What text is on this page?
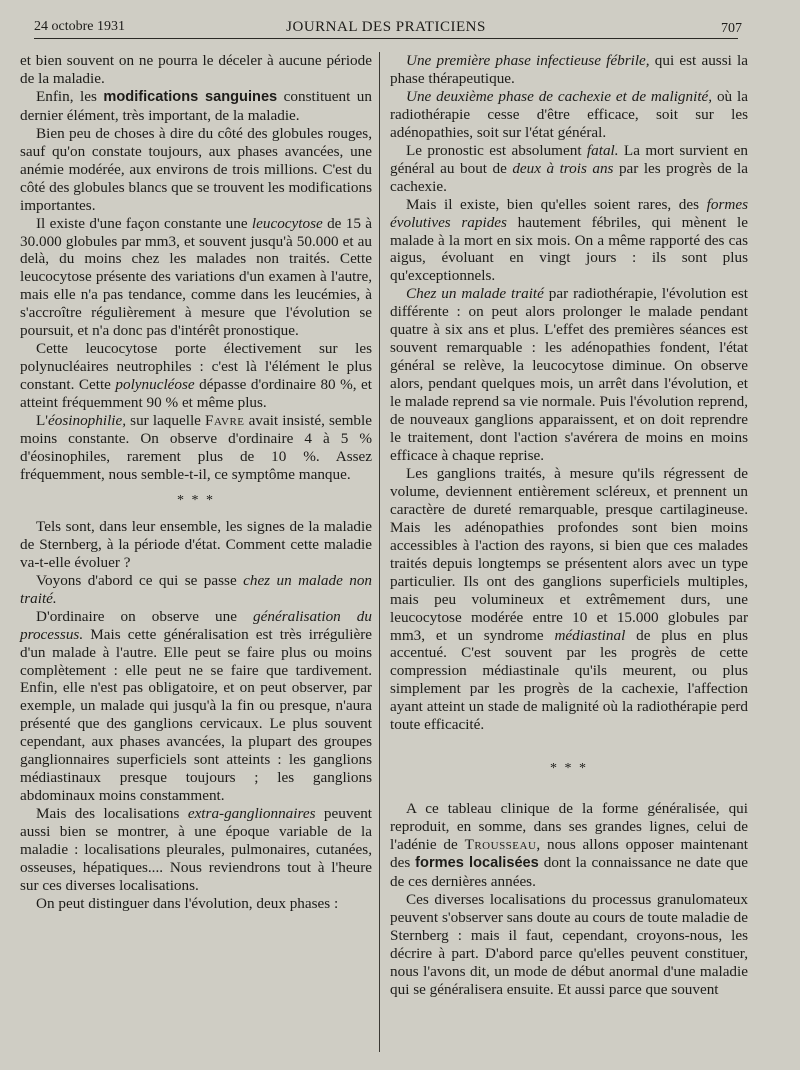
24 octobre 1931	JOURNAL DES PRATICIENS	707

et bien souvent on ne pourra le déceler à aucune période de la maladie.

Enfin, les modifications sanguines constituent un dernier élément, très important, de la maladie.

Bien peu de choses à dire du côté des globules rouges, sauf qu'on constate toujours, aux phases avancées, une anémie modérée, aux environs de trois millions. C'est du côté des globules blancs que se trouvent les modifications importantes.

Il existe d'une façon constante une leucocytose de 15 à 30.000 globules par mm3, et souvent jusqu'à 50.000 et au delà, du moins chez les malades non traités. Cette leucocytose présente des variations d'un examen à l'autre, mais elle n'a pas tendance, comme dans les leucémies, à s'accroître régulièrement à mesure que l'évolution se poursuit, et n'a donc pas d'intérêt pronostique.

Cette leucocytose porte électivement sur les polynucléaires neutrophiles : c'est là l'élément le plus constant. Cette polynucléose dépasse d'ordinaire 80 %, et atteint fréquemment 90 % et même plus.

L'éosinophilie, sur laquelle Favre avait insisté, semble moins constante. On observe d'ordinaire 4 à 5 % d'éosinophiles, rarement plus de 10 %. Assez fréquemment, nous semble-t-il, ce symptôme manque.

* * *

Tels sont, dans leur ensemble, les signes de la maladie de Sternberg, à la période d'état. Comment cette maladie va-t-elle évoluer ?

Voyons d'abord ce qui se passe chez un malade non traité.

D'ordinaire on observe une généralisation du processus. Mais cette généralisation est très irrégulière d'un malade à l'autre. Elle peut se faire plus ou moins complètement : elle peut ne se faire que tardivement. Enfin, elle n'est pas obligatoire, et on peut observer, par exemple, un malade qui jusqu'à la fin ou presque, n'aura présenté que des ganglions cervicaux. Le plus souvent cependant, aux phases avancées, la plupart des groupes ganglionnaires superficiels sont atteints : les ganglions médiastinaux presque toujours ; les ganglions abdominaux moins constamment.

Mais des localisations extra-ganglionnaires peuvent aussi bien se montrer, à une époque variable de la maladie : localisations pleurales, pulmonaires, cutanées, osseuses, hépatiques.... Nous reviendrons tout à l'heure sur ces diverses localisations.

On peut distinguer dans l'évolution, deux phases :

Une première phase infectieuse fébrile, qui est aussi la phase thérapeutique.

Une deuxième phase de cachexie et de malignité, où la radiothérapie cesse d'être efficace, soit sur les adénopathies, soit sur l'état général.

Le pronostic est absolument fatal. La mort survient en général au bout de deux à trois ans par les progrès de la cachexie.

Mais il existe, bien qu'elles soient rares, des formes évolutives rapides hautement fébriles, qui mènent le malade à la mort en six mois. On a même rapporté des cas aigus, évoluant en vingt jours : ils sont plus qu'exceptionnels.

Chez un malade traité par radiothérapie, l'évolution est différente : on peut alors prolonger le malade pendant quatre à six ans et plus. L'effet des premières séances est souvent remarquable : les adénopathies fondent, l'état général se relève, la leucocytose diminue. On observe alors, pendant quelques mois, un arrêt dans l'évolution, et le malade reprend sa vie normale. Puis l'évolution reprend, de nouveaux ganglions apparaissent, et on doit reprendre le traitement, dont l'action s'avérera de moins en moins efficace à chaque reprise.

Les ganglions traités, à mesure qu'ils régressent de volume, deviennent entièrement scléreux, et prennent un caractère de dureté remarquable, presque cartilagineuse. Mais les adénopathies profondes sont bien moins accessibles à l'action des rayons, si bien que ces malades traités depuis longtemps se présentent alors avec un type particulier. Ils ont des ganglions superficiels multiples, mais peu volumineux et extrêmement durs, une leucocytose modérée entre 10 et 15.000 globules par mm3, et un syndrome médiastinal de plus en plus accentué. C'est souvent par les progrès de cette compression médiastinale qu'ils meurent, ou plus simplement par les progrès de la cachexie, l'affection ayant atteint un stade de malignité où la radiothérapie perd toute efficacité.

* * *

A ce tableau clinique de la forme généralisée, qui reproduit, en somme, dans ses grandes lignes, celui de l'adénie de Trousseau, nous allons opposer maintenant des formes localisées dont la connaissance ne date que de ces dernières années.

Ces diverses localisations du processus granulomateux peuvent s'observer sans doute au cours de toute maladie de Sternberg : mais il faut, cependant, croyons-nous, les décrire à part. D'abord parce qu'elles peuvent constituer, nous l'avons dit, un mode de début anormal d'une maladie qui se généralisera ensuite. Et aussi parce que souvent
